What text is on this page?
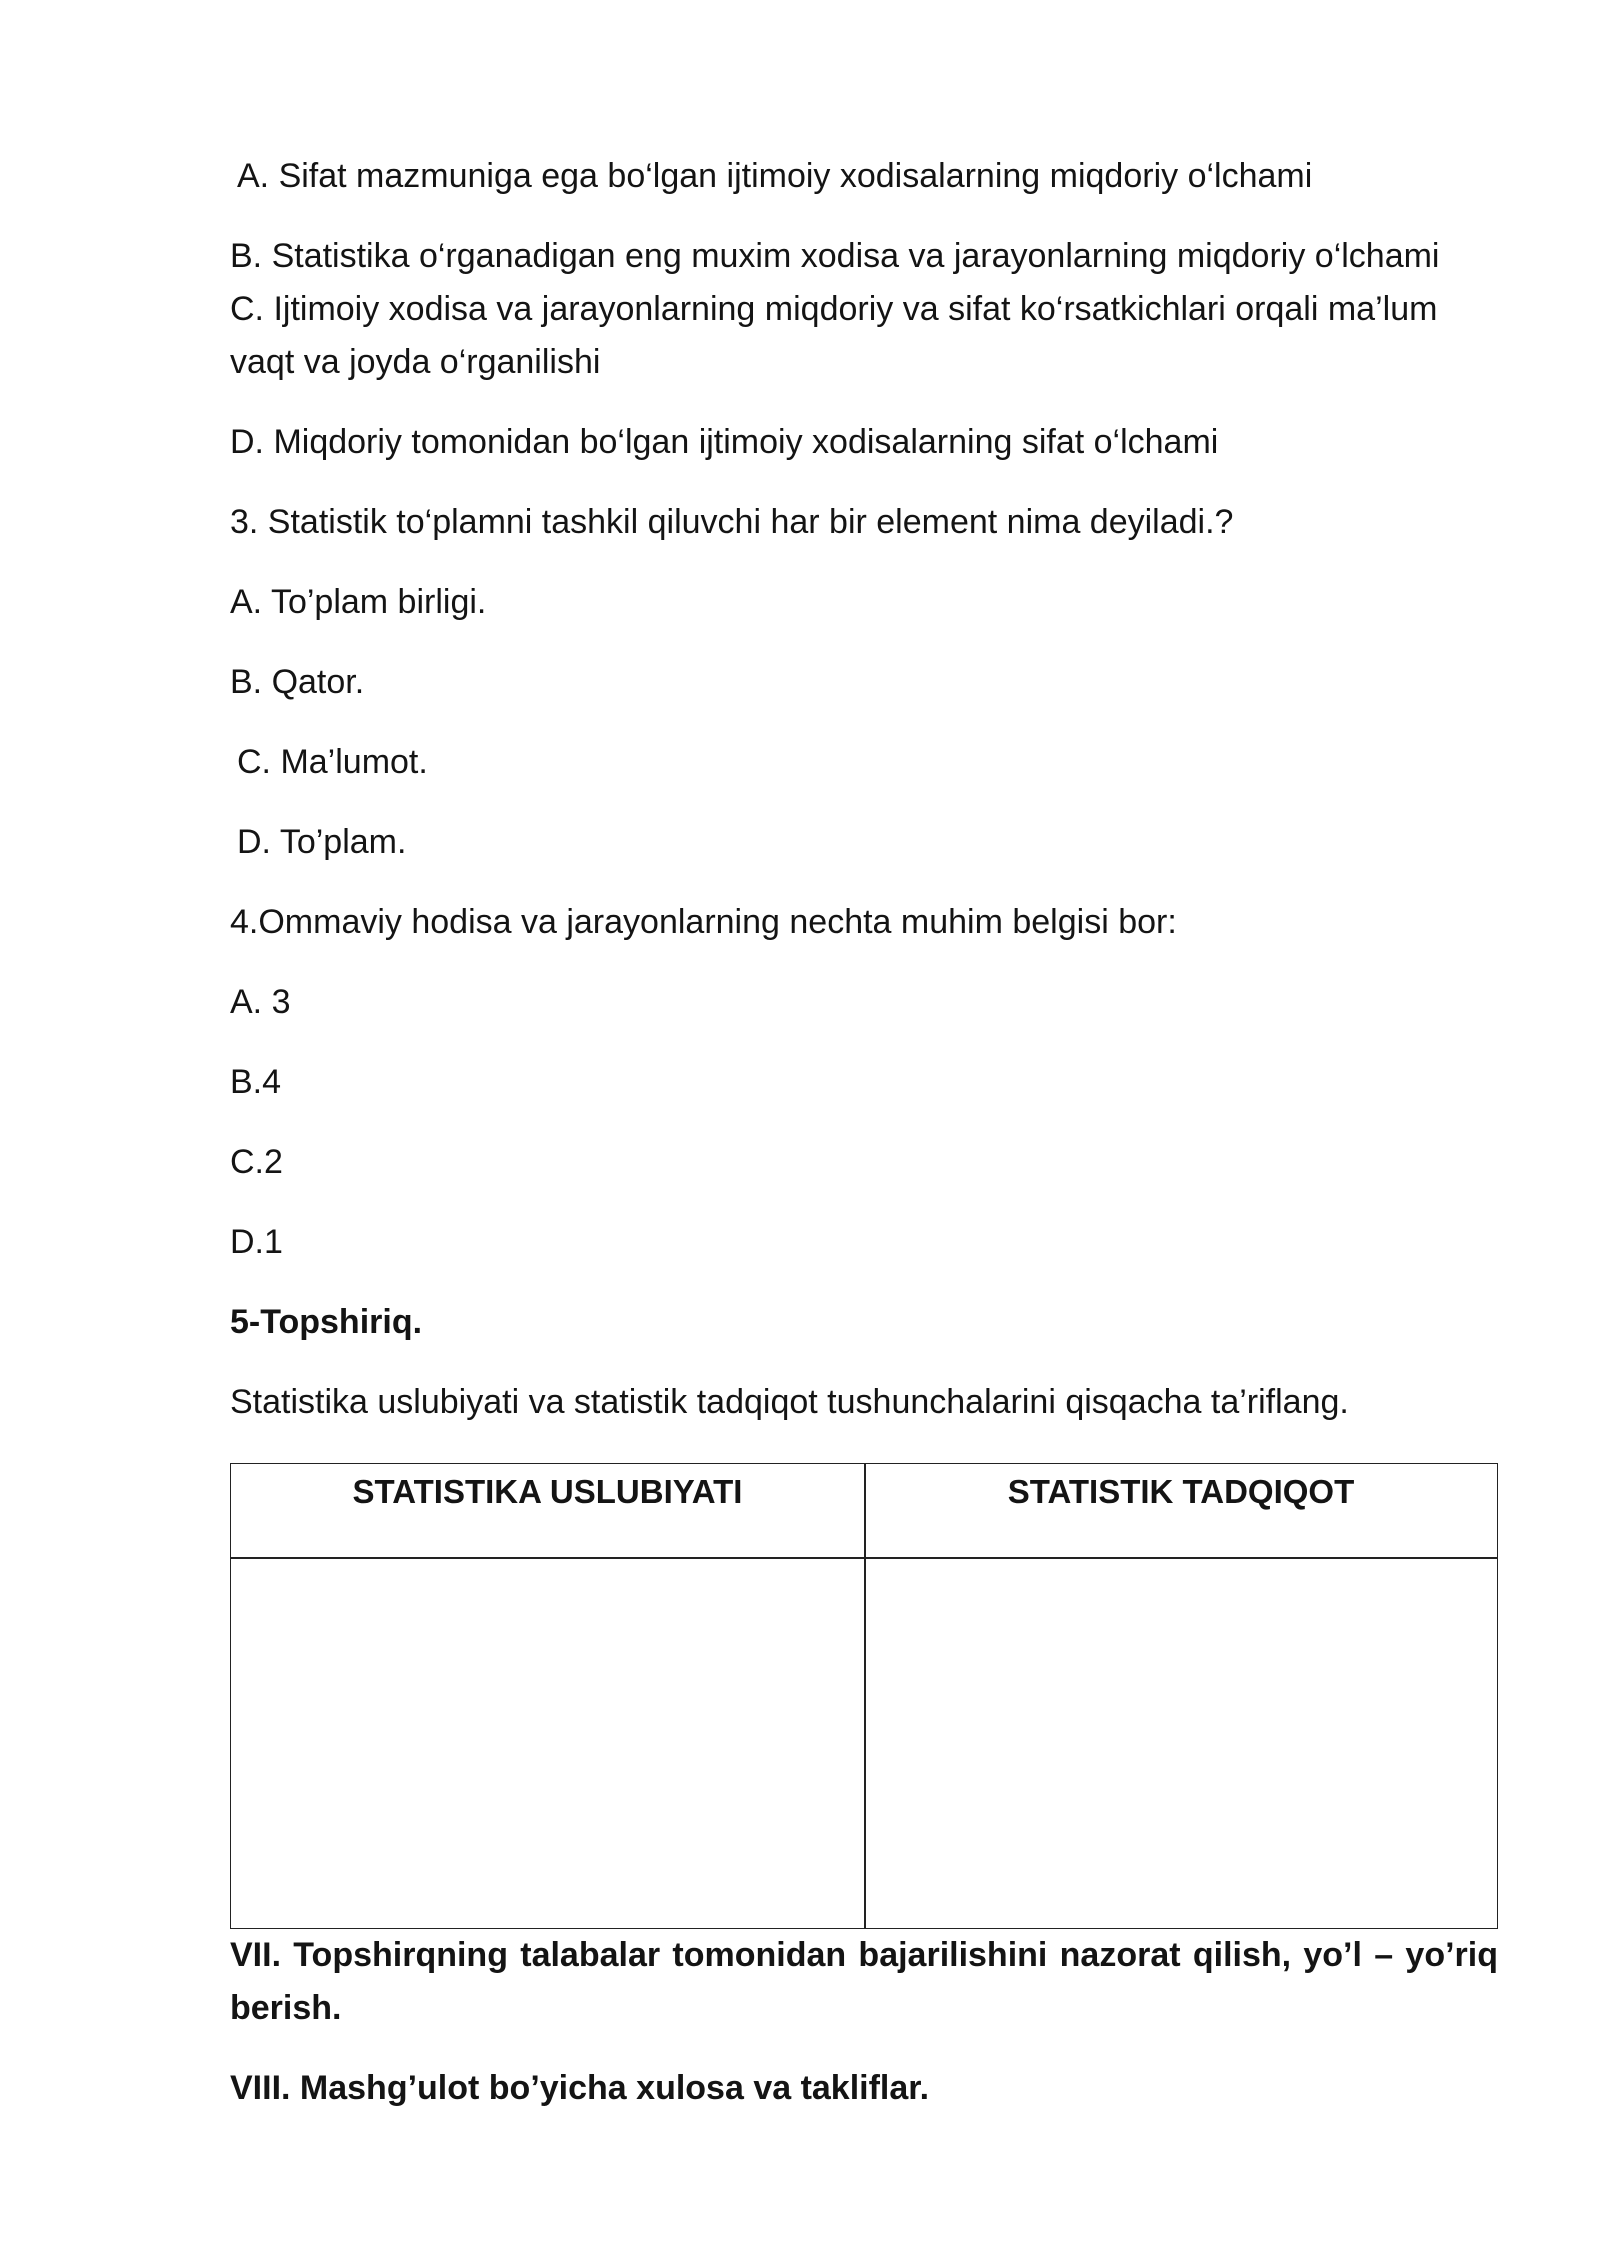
A. Sifat mazmuniga ega bo‘lgan ijtimoiy xodisalarning miqdoriy o‘lchami

B. Statistika o‘rganadigan eng muxim xodisa va jarayonlarning miqdoriy o‘lchami

C. Ijtimoiy xodisa va jarayonlarning miqdoriy va sifat ko‘rsatkichlari orqali ma’lum vaqt va joyda o‘rganilishi

D. Miqdoriy tomonidan bo‘lgan ijtimoiy xodisalarning sifat o‘lchami

3. Statistik to‘plamni tashkil qiluvchi har bir element nima deyiladi.?

A. To’plam birligi.

B. Qator.

C. Ma’lumot.

D. To’plam.

4.Ommaviy hodisa va jarayonlarning nechta muhim belgisi bor:

A. 3

B.4

C.2

D.1

5-Topshiriq.

Statistika uslubiyati va statistik tadqiqot tushunchalarini qisqacha ta’riflang.

STATISTIKA USLUBIYATI	STATISTIK TADQIQOT

VII. Topshirqning talabalar tomonidan bajarilishini nazorat qilish, yo’l – yo’riq berish.

VIII. Mashg’ulot bo’yicha xulosa va takliflar.
